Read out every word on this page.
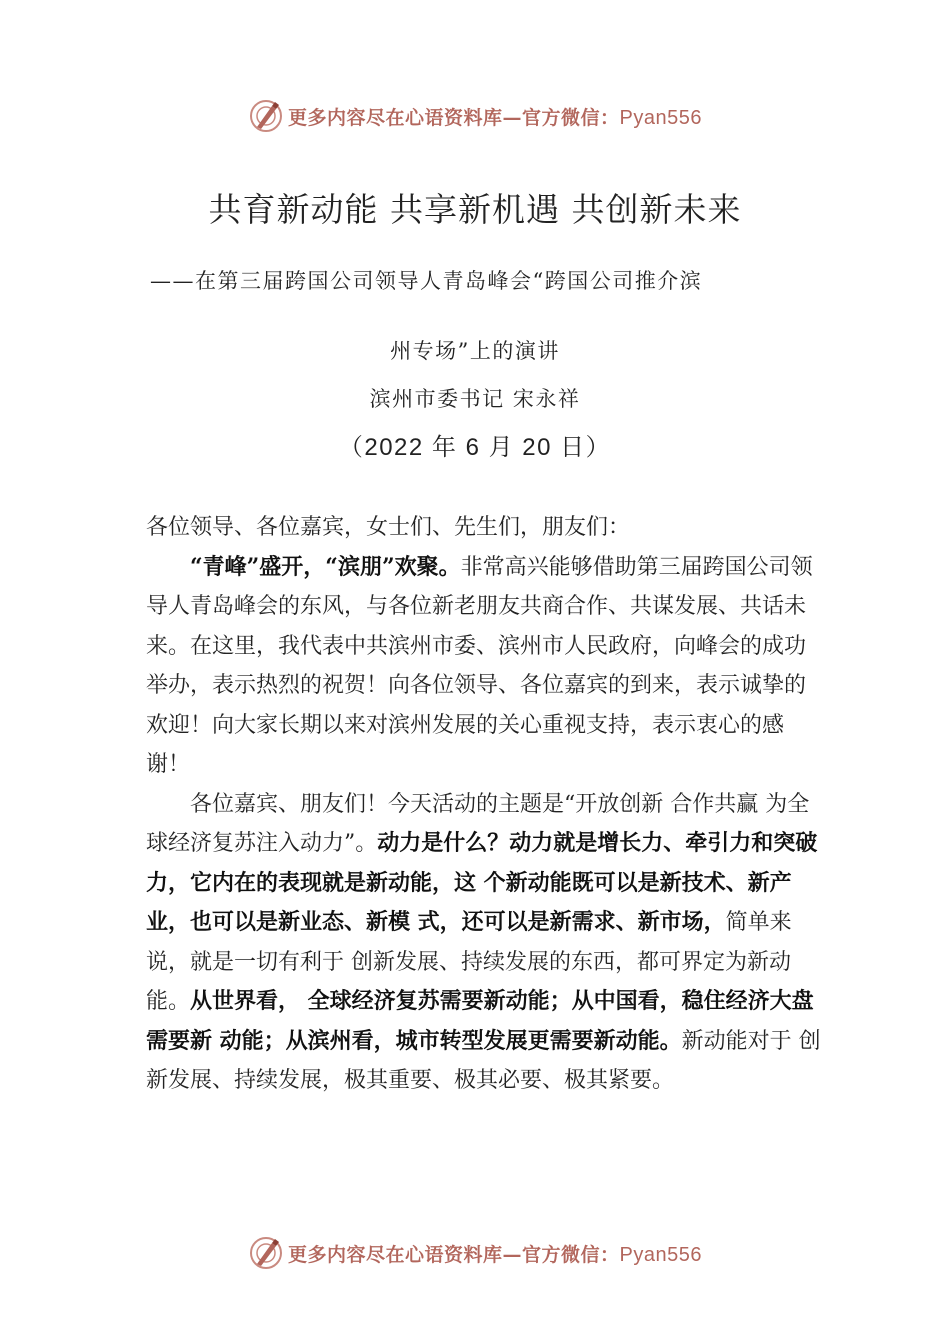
更多内容尽在心语资料库—官方微信：Pyan556
共育新动能 共享新机遇 共创新未来
——在第三届跨国公司领导人青岛峰会“跨国公司推介滨
州专场”上的演讲
滨州市委书记 宋永祥
（2022 年 6 月 20 日）

各位领导、各位嘉宾，女士们、先生们，朋友们：

“青峰”盛开，“滨朋”欢聚。非常高兴能够借助第三届跨国公司领导人青岛峰会的东风，与各位新老朋友共商合作、共谋发展、共话未来。在这里，我代表中共滨州市委、滨州市人民政府，向峰会的成功举办，表示热烈的祝贺！向各位领导、各位嘉宾的到来，表示诚挚的欢迎！向大家长期以来对滨州发展的关心重视支持，表示衷心的感谢！

各位嘉宾、朋友们！今天活动的主题是“开放创新 合作共赢 为全球经济复苏注入动力”。动力是什么？动力就是增长力、牵引力和突破力，它内在的表现就是新动能，这 个新动能既可以是新技术、新产业，也可以是新业态、新模 式，还可以是新需求、新市场，简单来说，就是一切有利于 创新发展、持续发展的东西，都可界定为新动能。从世界看， 全球经济复苏需要新动能；从中国看，稳住经济大盘需要新 动能；从滨州看，城市转型发展更需要新动能。新动能对于 创新发展、持续发展，极其重要、极其必要、极其紧要。

更多内容尽在心语资料库—官方微信：Pyan556
